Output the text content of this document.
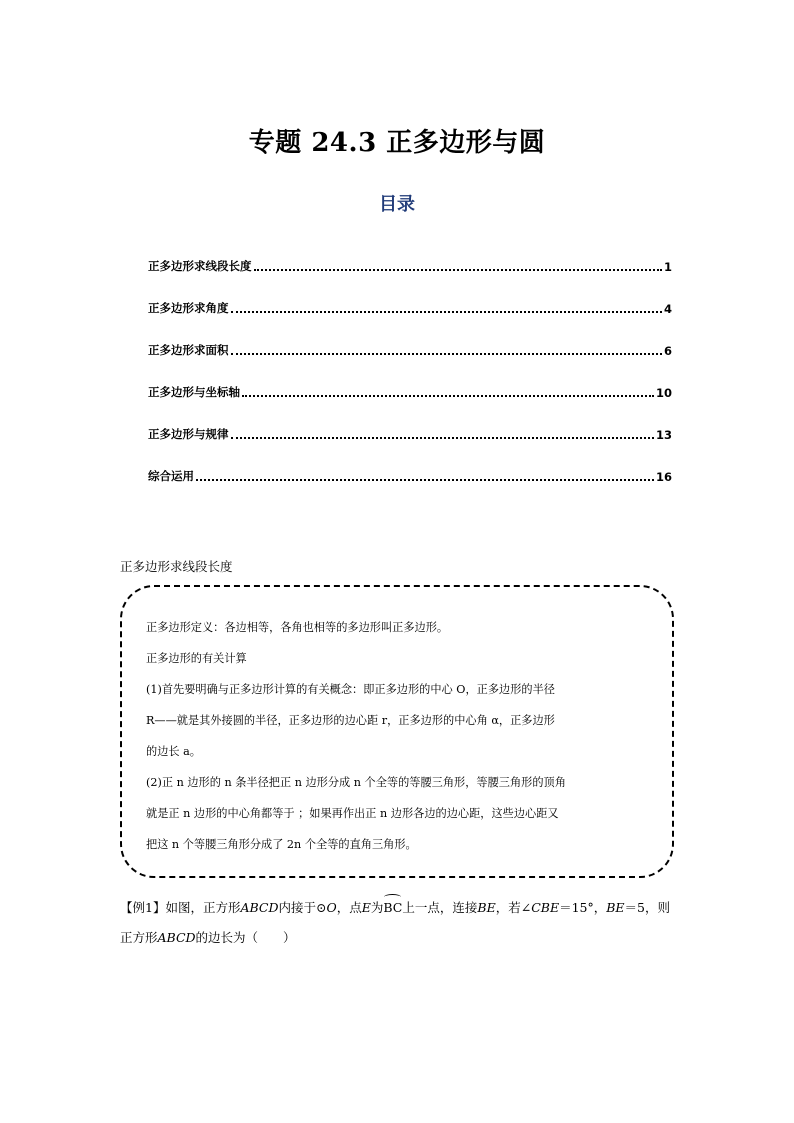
专题 24.3 正多边形与圆
目录
正多边形求线段长度	1
正多边形求角度	4
正多边形求面积	6
正多边形与坐标轴	10
正多边形与规律	13
综合运用	16
正多边形求线段长度

正多边形定义：各边相等，各角也相等的多边形叫正多边形。

正多边形的有关计算

(1)首先要明确与正多边形计算的有关概念：即正多边形的中心 O，正多边形的半径

R——就是其外接圆的半径，正多边形的边心距 r，正多边形的中心角 α，正多边形

的边长 a。

(2)正 n 边形的 n 条半径把正 n 边形分成 n 个全等的等腰三角形，等腰三角形的顶角

就是正 n 边形的中心角都等于 ；如果再作出正 n 边形各边的边心距，这些边心距又

把这 n 个等腰三角形分成了 2n 个全等的直角三角形。

【例1】如图，正方形ABCD内接于⊙O，点E为BC上一点，连接BE，若∠CBE＝15°，BE＝5，则正方形ABCD的边长为（　　）
